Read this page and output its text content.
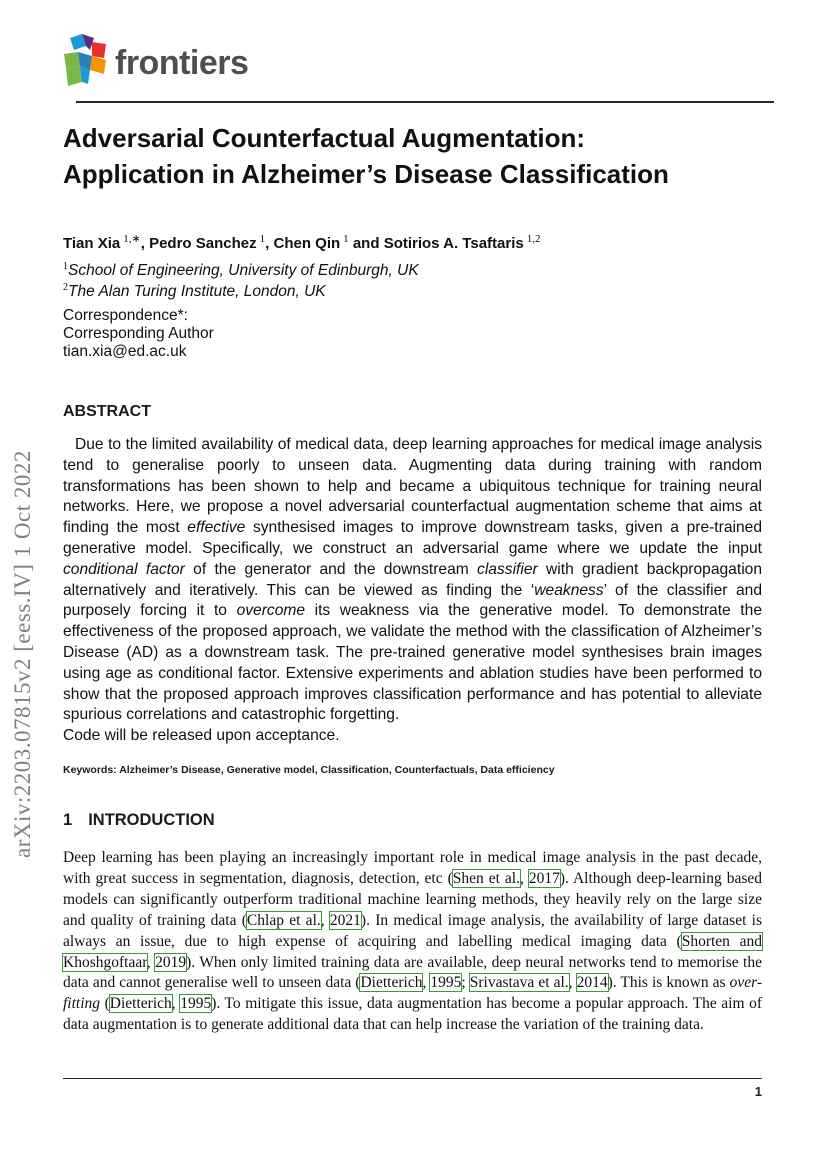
frontiers
arXiv:2203.07815v2 [eess.IV] 1 Oct 2022
Adversarial Counterfactual Augmentation: Application in Alzheimer’s Disease Classification
Tian Xia  $^{1,∗}$, Pedro Sanchez  $^1$, Chen Qin  $^1$ and Sotirios A. Tsaftaris  $^{1,2}$
$^1$School of Engineering, University of Edinburgh, UK
$^2$The Alan Turing Institute, London, UK
Correspondence*:
Corresponding Author
tian.xia@ed.ac.uk
ABSTRACT

Due to the limited availability of medical data, deep learning approaches for medical image analysis tend to generalise poorly to unseen data. Augmenting data during training with random transformations has been shown to help and became a ubiquitous technique for training neural networks. Here, we propose a novel adversarial counterfactual augmentation scheme that aims at finding the most effective synthesised images to improve downstream tasks, given a pre-trained generative model. Specifically, we construct an adversarial game where we update the input conditional factor of the generator and the downstream classifier with gradient backpropagation alternatively and iteratively. This can be viewed as finding the ‘weakness’ of the classifier and purposely forcing it to overcome its weakness via the generative model. To demonstrate the effectiveness of the proposed approach, we validate the method with the classification of Alzheimer’s Disease (AD) as a downstream task. The pre-trained generative model synthesises brain images using age as conditional factor. Extensive experiments and ablation studies have been performed to show that the proposed approach improves classification performance and has potential to alleviate spurious correlations and catastrophic forgetting.

Code will be released upon acceptance.

Keywords: Alzheimer’s Disease, Generative model, Classification, Counterfactuals, Data efficiency
1 INTRODUCTION
Deep learning has been playing an increasingly important role in medical image analysis in the past decade, with great success in segmentation, diagnosis, detection, etc (Shen et al., 2017). Although deep-learning based models can significantly outperform traditional machine learning methods, they heavily rely on the large size and quality of training data (Chlap et al., 2021). In medical image analysis, the availability of large dataset is always an issue, due to high expense of acquiring and labelling medical imaging data (Shorten and Khoshgoftaar, 2019). When only limited training data are available, deep neural networks tend to memorise the data and cannot generalise well to unseen data (Dietterich, 1995; Srivastava et al., 2014). This is known as over-fitting (Dietterich, 1995). To mitigate this issue, data augmentation has become a popular approach. The aim of data augmentation is to generate additional data that can help increase the variation of the training data.
1
